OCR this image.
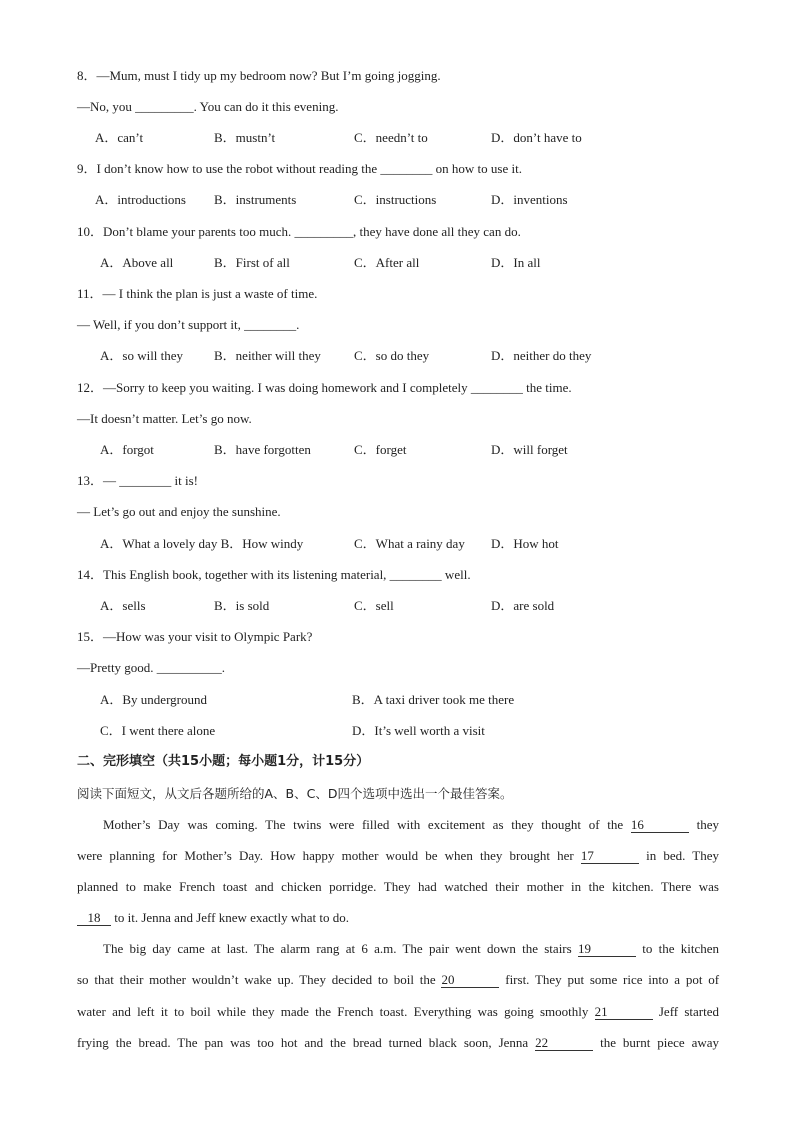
8．—Mum, must I tidy up my bedroom now? But I’m going jogging.
—No, you _________. You can do it this evening.
A．can’t	B．mustn’t	C．needn’t to	D．don’t have to
9．I don’t know how to use the robot without reading the ________ on how to use it.
A．introductions B．instruments	C．instructions	D．inventions
10．Don’t blame your parents too much. _________, they have done all they can do.
A．Above all	B．First of all	C．After all	D．In all
11．— I think the plan is just a waste of time.
— Well, if you don’t support it, ________.
A．so will they B．neither will they	C．so do they	D．neither do they
12．—Sorry to keep you waiting. I was doing homework and I completely ________ the time.
—It doesn’t matter. Let’s go now.
A．forgot	B．have forgotten	C．forget	D．will forget
13．— ________ it is!
— Let’s go out and enjoy the sunshine.
A．What a lovely day B．How windy	C．What a rainy day D．How hot
14．This English book, together with its listening material, ________ well.
A．sells	B．is sold	C．sell	D．are sold
15．—How was your visit to Olympic Park?
—Pretty good. __________.
A．By underground	B．A taxi driver took me there
C．I went there alone	D．It’s well worth a visit
二、完形填空（共15小题；每小题1分，计15分）
阅读下面短文，从文后各题所给的A、B、C、D四个选项中选出一个最佳答案。
Mother’s Day was coming. The twins were filled with excitement as they thought of the 16	they
were planning for Mother’s Day. How happy mother would be when they brought her 17	in bed. They
planned to make French toast and chicken porridge. They had watched their mother in the kitchen. There was
18 to it. Jenna and Jeff knew exactly what to do.
The big day came at last. The alarm rang at 6 a.m. The pair went down the stairs 19	to the kitchen
so that their mother wouldn’t wake up. They decided to boil the 20	first. They put some rice into a pot of
water and left it to boil while they made the French toast. Everything was going smoothly 21	Jeff started
frying the bread. The pan was too hot and the bread turned black soon, Jenna 22	the burnt piece away
